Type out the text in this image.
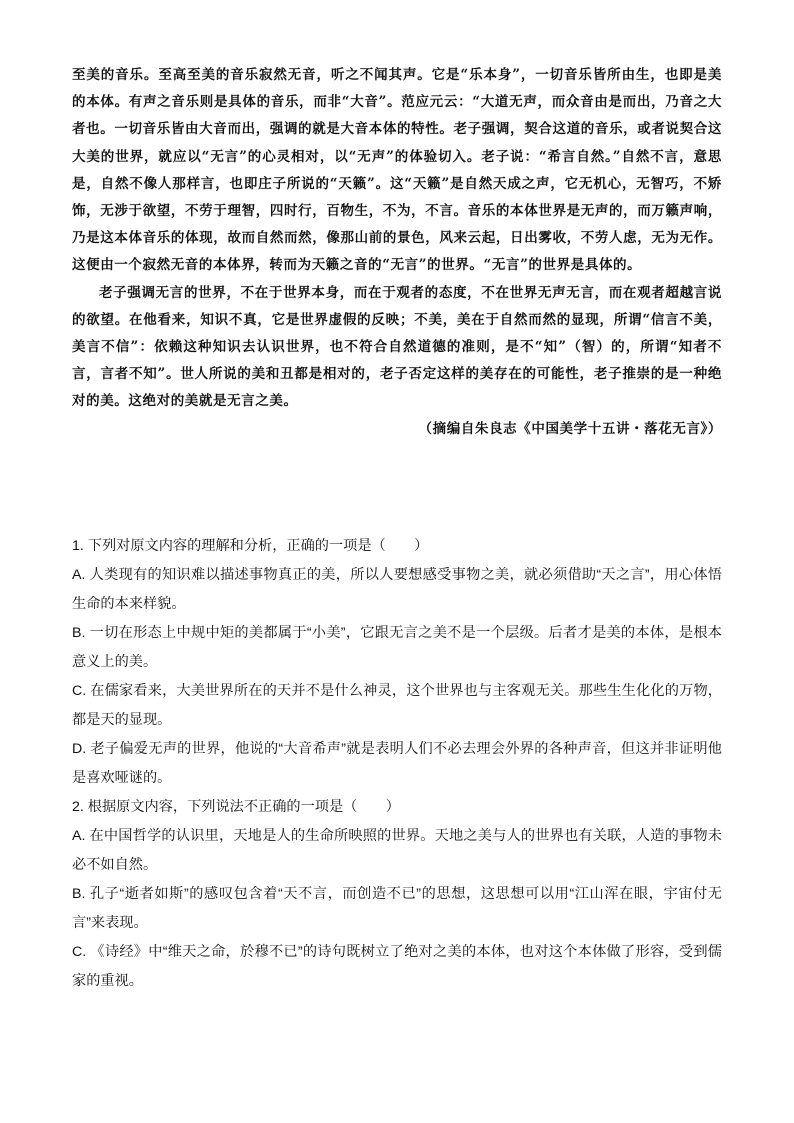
至美的音乐。至高至美的音乐寂然无音，听之不闻其声。它是“乐本身”，一切音乐皆所由生，也即是美的本体。有声之音乐则是具体的音乐，而非“大音”。范应元云：“大道无声，而众音由是而出，乃音之大者也。一切音乐皆由大音而出，强调的就是大音本体的特性。老子强调，契合这道的音乐，或者说契合这大美的世界，就应以“无言”的心灵相对，以“无声”的体验切入。老子说：“希言自然。”自然不言，意思是，自然不像人那样言，也即庄子所说的“天籁”。这“天籁”是自然天成之声，它无机心，无智巧，不矫饰，无涉于欲望，不劳于理智，四时行，百物生，不为，不言。音乐的本体世界是无声的，而万籁声响，乃是这本体音乐的体现，故而自然而然，像那山前的景色，风来云起，日出雾收，不劳人虑，无为无作。这便由一个寂然无音的本体界，转而为天籁之音的“无言”的世界。“无言”的世界是具体的。

老子强调无言的世界，不在于世界本身，而在于观者的态度，不在世界无声无言，而在观者超越言说的欲望。在他看来，知识不真，它是世界虚假的反映；不美，美在于自然而然的显现，所谓“信言不美，美言不信”：依赖这种知识去认识世界，也不符合自然道德的准则，是不“知”（智）的，所谓“知者不言，言者不知”。世人所说的美和丑都是相对的，老子否定这样的美存在的可能性，老子推崇的是一种绝对的美。这绝对的美就是无言之美。

（摘编自朱良志《中国美学十五讲・落花无言》）

1. 下列对原文内容的理解和分析，正确的一项是（　　）

A. 人类现有的知识难以描述事物真正的美，所以人要想感受事物之美，就必须借助“天之言”，用心体悟生命的本来样貌。

B. 一切在形态上中规中矩的美都属于“小美”，它跟无言之美不是一个层级。后者才是美的本体，是根本意义上的美。

C. 在儒家看来，大美世界所在的天并不是什么神灵，这个世界也与主客观无关。那些生生化化的万物，都是天的显现。

D. 老子偏爱无声的世界，他说的“大音希声”就是表明人们不必去理会外界的各种声音，但这并非证明他是喜欢哑谜的。

2. 根据原文内容，下列说法不正确的一项是（　　）

A. 在中国哲学的认识里，天地是人的生命所映照的世界。天地之美与人的世界也有关联，人造的事物未必不如自然。

B. 孔子“逝者如斯”的感叹包含着“天不言，而创造不已”的思想，这思想可以用“江山浑在眼，宇宙付无言”来表现。

C. 《诗经》中“维天之命，於穆不已”的诗句既树立了绝对之美的本体，也对这个本体做了形容，受到儒家的重视。
